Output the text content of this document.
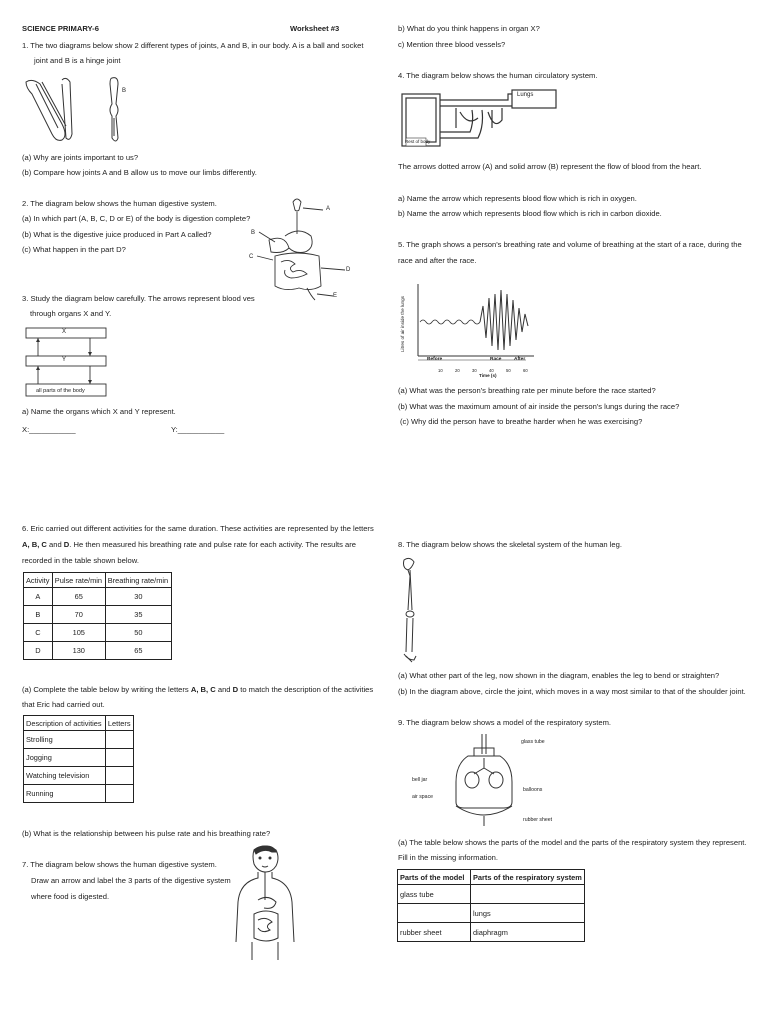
SCIENCE PRIMARY-6	Worksheet #3
1. The two diagrams below show 2 different types of joints, A and B, in our body. A is a ball and socket
joint and B is a hinge joint
B
(a) Why are joints important to us?
(b) Compare how joints A and B allow us to move our limbs differently.
2. The diagram below shows the human digestive system.
(a) In which part (A, B, C, D or E) of the body is digestion complete?
(b) What is the digestive juice produced in Part A called?
(c) What happen in the part D?
A
B
C
D
E
3. Study the diagram below carefully. The arrows represent blood ves
through organs X and Y.
X
Y
all parts of the body
a) Name the organs which X and Y represent.
X:___________	Y:___________
b) What do you think happens in organ X?
c) Mention three blood vessels?
4. The diagram below shows the human circulatory system.
Lungs
Rest of body
The arrows dotted arrow (A) and solid arrow (B) represent the flow of blood from the heart.
a) Name the arrow which represents blood flow which is rich in oxygen.
b) Name the arrow which represents blood flow which is rich in carbon dioxide.
5. The graph shows a person's breathing rate and volume of breathing at the start of a race, during the
race and after the race.
Litres of air inside the lungs
Before	Race	After
10	20	30	40	50	60
Time (s)
(a) What was the person's breathing rate per minute before the race started?
(b) What was the maximum amount of air inside the person's lungs during the race?
(c) Why did the person have to breathe harder when he was exercising?
6. Eric carried out different activities for the same duration. These activities are represented by the letters
A, B, C and D. He then measured his breathing rate and pulse rate for each activity. The results are
recorded in the table shown below.
Activity	Pulse rate/min	Breathing rate/min
A	65	30
B	70	35
C	105	50
D	130	65
(a) Complete the table below by writing the letters A, B, C and D to match the description of the activities
that Eric had carried out.
Description of activities	Letters
Strolling	
Jogging	
Watching television	
Running	
(b) What is the relationship between his pulse rate and his breathing rate?
7. The diagram below shows the human digestive system.
Draw an arrow and label the 3 parts of the digestive system
where food is digested.
8. The diagram below shows the skeletal system of the human leg.
(a) What other part of the leg, now shown in the diagram, enables the leg to bend or straighten?
(b) In the diagram above, circle the joint, which moves in a way most similar to that of the shoulder joint.
9. The diagram below shows a model of the respiratory system.
glass tube
bell jar
air space
balloons
rubber sheet
(a) The table below shows the parts of the model and the parts of the respiratory system they represent.
Fill in the missing information.
Parts of the model	Parts of the respiratory system
glass tube	
	lungs
rubber sheet	diaphragm
